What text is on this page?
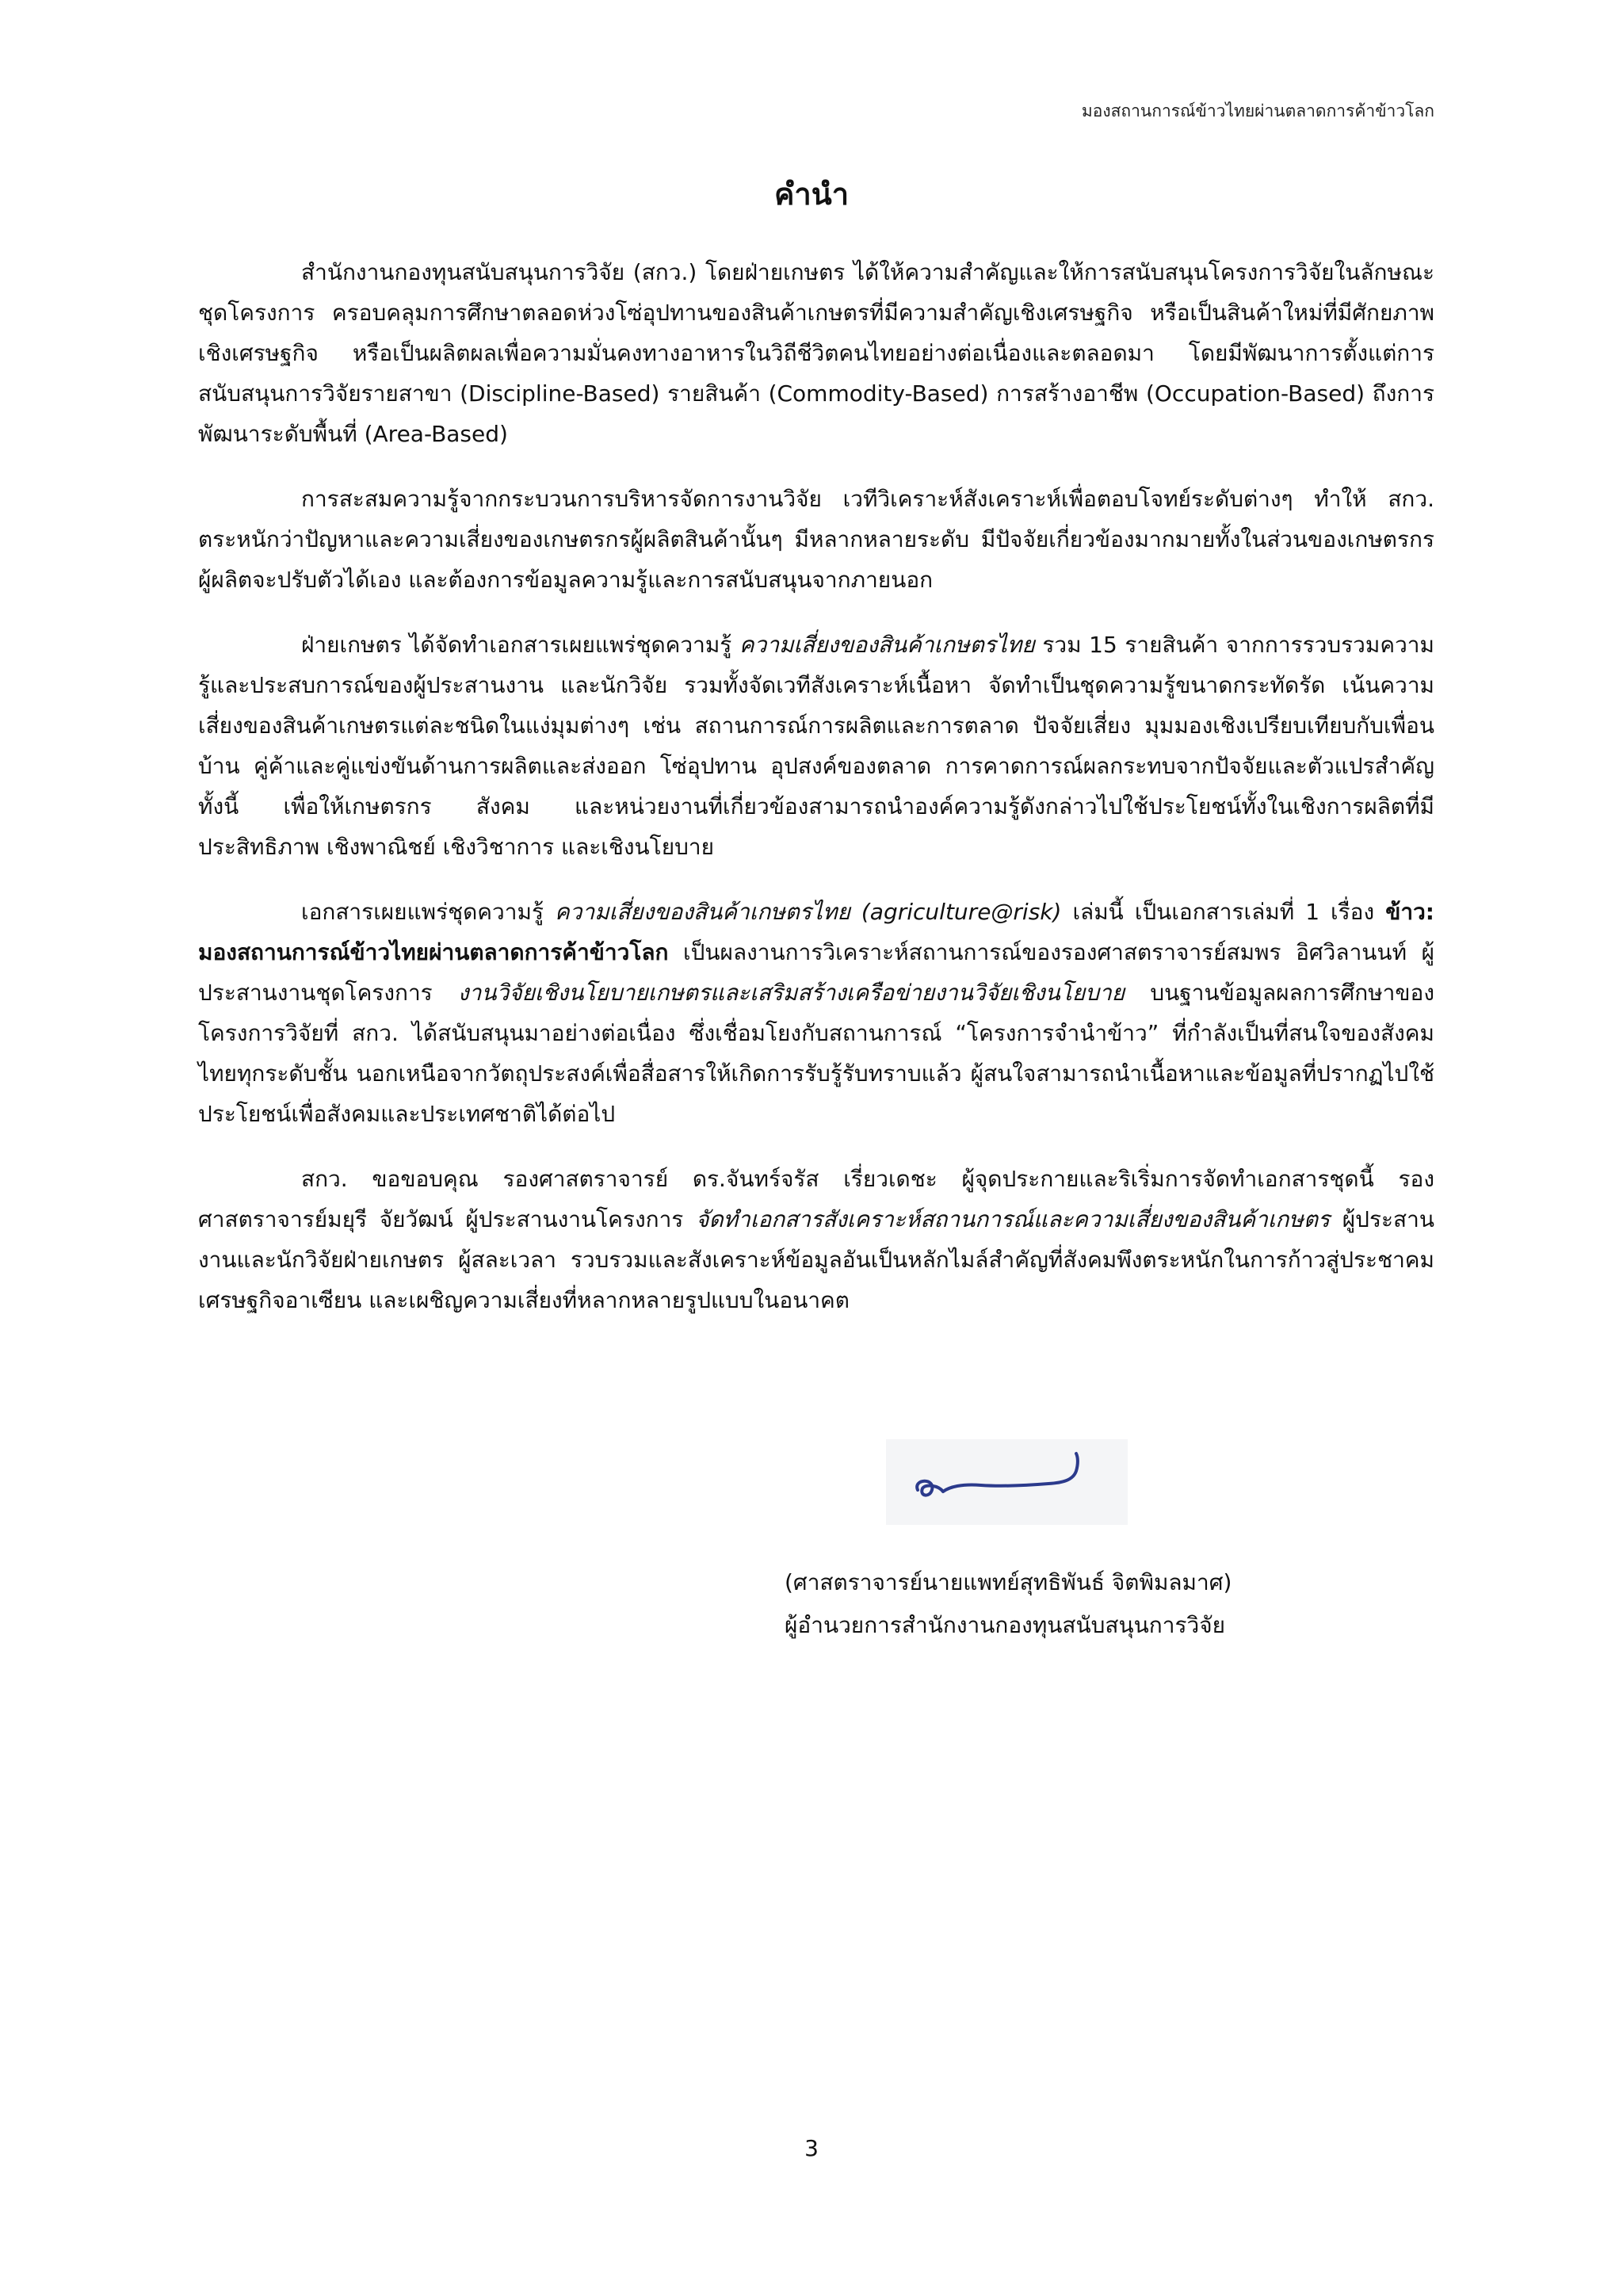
มองสถานการณ์ข้าวไทยผ่านตลาดการค้าข้าวโลก
คำนำ

สำนักงานกองทุนสนับสนุนการวิจัย (สกว.) โดยฝ่ายเกษตร ได้ให้ความสำคัญและให้การสนับสนุนโครงการวิจัยในลักษณะชุดโครงการ ครอบคลุมการศึกษาตลอดห่วงโซ่อุปทานของสินค้าเกษตรที่มีความสำคัญเชิงเศรษฐกิจ หรือเป็นสินค้าใหม่ที่มีศักยภาพเชิงเศรษฐกิจ หรือเป็นผลิตผลเพื่อความมั่นคงทางอาหารในวิถีชีวิตคนไทยอย่างต่อเนื่องและตลอดมา โดยมีพัฒนาการตั้งแต่การสนับสนุนการวิจัยรายสาขา (Discipline-Based) รายสินค้า (Commodity-Based) การสร้างอาชีพ (Occupation-Based) ถึงการพัฒนาระดับพื้นที่ (Area-Based)

การสะสมความรู้จากกระบวนการบริหารจัดการงานวิจัย เวทีวิเคราะห์สังเคราะห์เพื่อตอบโจทย์ระดับต่างๆ ทำให้ สกว. ตระหนักว่าปัญหาและความเสี่ยงของเกษตรกรผู้ผลิตสินค้านั้นๆ มีหลากหลายระดับ มีปัจจัยเกี่ยวข้องมากมายทั้งในส่วนของเกษตรกรผู้ผลิตจะปรับตัวได้เอง และต้องการข้อมูลความรู้และการสนับสนุนจากภายนอก

ฝ่ายเกษตร ได้จัดทำเอกสารเผยแพร่ชุดความรู้ ความเสี่ยงของสินค้าเกษตรไทย รวม 15 รายสินค้า จากการรวบรวมความรู้และประสบการณ์ของผู้ประสานงาน และนักวิจัย รวมทั้งจัดเวทีสังเคราะห์เนื้อหา จัดทำเป็นชุดความรู้ขนาดกระทัดรัด เน้นความเสี่ยงของสินค้าเกษตรแต่ละชนิดในแง่มุมต่างๆ เช่น สถานการณ์การผลิตและการตลาด ปัจจัยเสี่ยง มุมมองเชิงเปรียบเทียบกับเพื่อนบ้าน คู่ค้าและคู่แข่งขันด้านการผลิตและส่งออก โซ่อุปทาน อุปสงค์ของตลาด การคาดการณ์ผลกระทบจากปัจจัยและตัวแปรสำคัญ ทั้งนี้ เพื่อให้เกษตรกร สังคม และหน่วยงานที่เกี่ยวข้องสามารถนำองค์ความรู้ดังกล่าวไปใช้ประโยชน์ทั้งในเชิงการผลิตที่มีประสิทธิภาพ เชิงพาณิชย์ เชิงวิชาการ และเชิงนโยบาย

เอกสารเผยแพร่ชุดความรู้ ความเสี่ยงของสินค้าเกษตรไทย (agriculture@risk) เล่มนี้ เป็นเอกสารเล่มที่ 1 เรื่อง ข้าว: มองสถานการณ์ข้าวไทยผ่านตลาดการค้าข้าวโลก เป็นผลงานการวิเคราะห์สถานการณ์ของรองศาสตราจารย์สมพร อิศวิลานนท์ ผู้ประสานงานชุดโครงการ งานวิจัยเชิงนโยบายเกษตรและเสริมสร้างเครือข่ายงานวิจัยเชิงนโยบาย บนฐานข้อมูลผลการศึกษาของโครงการวิจัยที่ สกว. ได้สนับสนุนมาอย่างต่อเนื่อง ซึ่งเชื่อมโยงกับสถานการณ์ “โครงการจำนำข้าว” ที่กำลังเป็นที่สนใจของสังคมไทยทุกระดับชั้น นอกเหนือจากวัตถุประสงค์เพื่อสื่อสารให้เกิดการรับรู้รับทราบแล้ว ผู้สนใจสามารถนำเนื้อหาและข้อมูลที่ปรากฏไปใช้ประโยชน์เพื่อสังคมและประเทศชาติได้ต่อไป

สกว. ขอขอบคุณ รองศาสตราจารย์ ดร.จันทร์จรัส เรี่ยวเดชะ ผู้จุดประกายและริเริ่มการจัดทำเอกสารชุดนี้ รองศาสตราจารย์มยุรี จัยวัฒน์ ผู้ประสานงานโครงการ จัดทำเอกสารสังเคราะห์สถานการณ์และความเสี่ยงของสินค้าเกษตร ผู้ประสานงานและนักวิจัยฝ่ายเกษตร ผู้สละเวลา รวบรวมและสังเคราะห์ข้อมูลอันเป็นหลักไมล์สำคัญที่สังคมพึงตระหนักในการก้าวสู่ประชาคมเศรษฐกิจอาเซียน และเผชิญความเสี่ยงที่หลากหลายรูปแบบในอนาคต

(ศาสตราจารย์นายแพทย์สุทธิพันธ์ จิตพิมลมาศ)
ผู้อำนวยการสำนักงานกองทุนสนับสนุนการวิจัย
3
